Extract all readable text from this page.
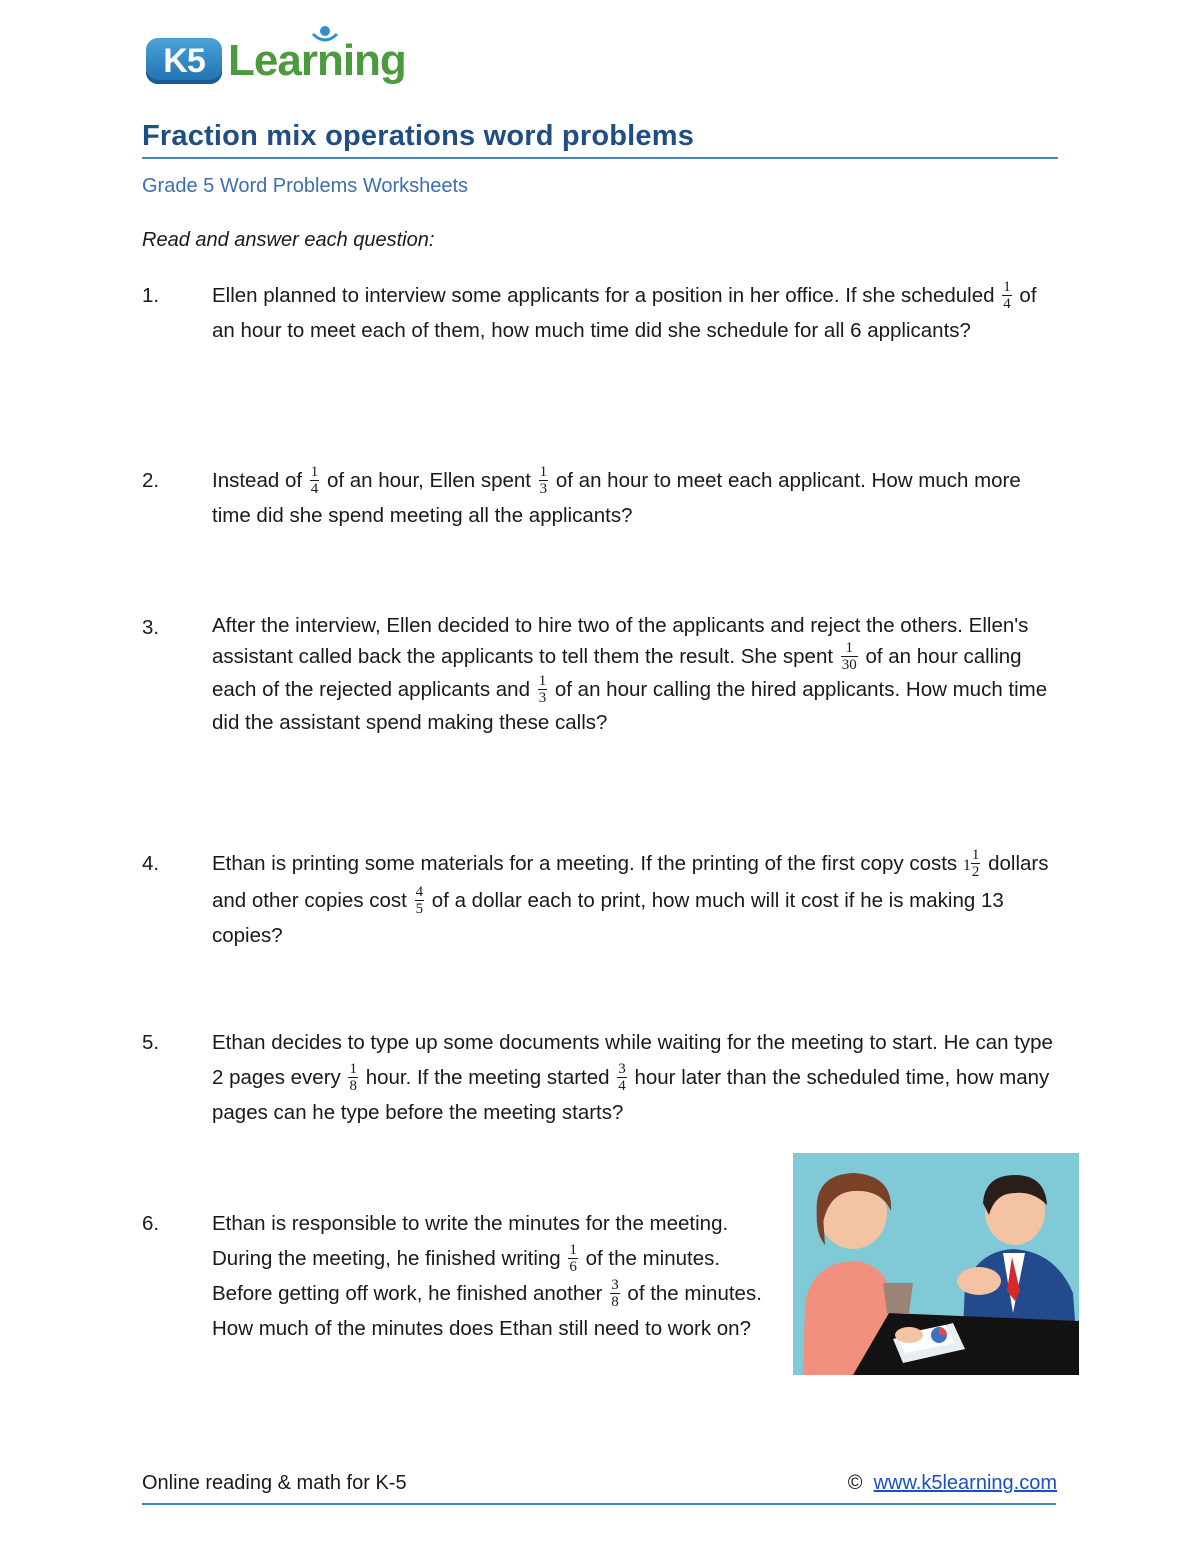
K5 Learning
Fraction mix operations word problems
Grade 5 Word Problems Worksheets
Read and answer each question:
1.	Ellen planned to interview some applicants for a position in her office. If she scheduled $\frac{1}{4}$ of an hour to meet each of them, how much time did she schedule for all 6 applicants?
2.	Instead of $\frac{1}{4}$ of an hour, Ellen spent $\frac{1}{3}$ of an hour to meet each applicant. How much more time did she spend meeting all the applicants?
3.	After the interview, Ellen decided to hire two of the applicants and reject the others. Ellen's assistant called back the applicants to tell them the result. She spent $\frac{1}{30}$ of an hour calling each of the rejected applicants and $\frac{1}{3}$ of an hour calling the hired applicants. How much time did the assistant spend making these calls?
4.	Ethan is printing some materials for a meeting. If the printing of the first copy costs $1 \frac{1}{2}$ dollars and other copies cost $\frac{4}{5}$ of a dollar each to print, how much will it cost if he is making 13 copies?
5.	Ethan decides to type up some documents while waiting for the meeting to start. He can type 2 pages every $\frac{1}{8}$ hour. If the meeting started $\frac{3}{4}$ hour later than the scheduled time, how many pages can he type before the meeting starts?
6.	Ethan is responsible to write the minutes for the meeting. During the meeting, he finished writing $\frac{1}{6}$ of the minutes. Before getting off work, he finished another $\frac{3}{8}$ of the minutes. How much of the minutes does Ethan still need to work on?
Online reading & math for K-5	© www.k5learning.com
